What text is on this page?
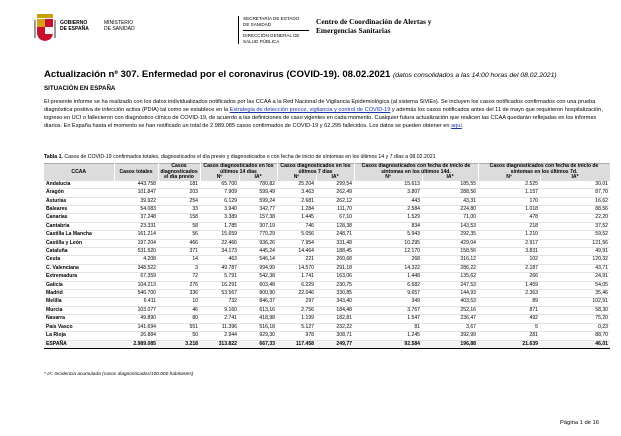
GOBIERNO
DE ESPAÑA
MINISTERIO
DE SANIDAD
SECRETARÍA DE ESTADO
DE SANIDAD
DIRECCIÓN GENERAL DE
SALUD PÚBLICA
Centro de Coordinación de Alertas y
Emergencias Sanitarias
Actualización nº 307. Enfermedad por el coronavirus (COVID-19). 08.02.2021 (datos consolidados a las 14:00 horas del 08.02.2021)
SITUACIÓN EN ESPAÑA
El presente informe se ha realizado con los datos individualizados notificados por las CCAA a la Red Nacional de Vigilancia Epidemiológica (al sistema SiViEs). Se incluyen los casos notificados confirmados con una prueba diagnóstica positiva de infección activa (PDIA) tal como se establece en la Estrategia de detección precoz, vigilancia y control de COVID-19 y además los casos notificados antes del 11 de mayo que requirieron hospitalización, ingreso en UCI o fallecieron con diagnóstico clínico de COVID-19, de acuerdo a las definiciones de caso vigentes en cada momento. Cualquier futura actualización que realicen las CCAA quedarán reflejadas en los informes diarios. En España hasta el momento se han notificado un total de 2.989.085 casos confirmados de COVID-19 y 62.295 fallecidos. Los datos se pueden obtener en aquí.
Tabla 1. Casos de COVID-19 confirmados totales, diagnosticados el día previo y diagnosticados o con fecha de inicio de síntomas en los últimos 14 y 7 días a 08.02.2021
CCAA	Casos totales	Casos diagnosticados el día previo	Casos diagnosticados en los últimos 14 días		Casos diagnosticados en los últimos 7 días		Casos diagnosticados con fecha de inicio de síntomas en los últimos 14d.		Casos diagnosticados con fecha de inicio de síntomas en los últimos 7d.	
			Nº	IA*	Nº	IA*	Nº	IA*	Nº	IA*
Andalucía	443.758	181	65.700	780,82	25.204	299,54	15.613	185,55	2.525	30,01
Aragón	101.847	203	7.909	599,49	3.463	262,49	3.807	288,56	1.157	87,70
Asturias	39.922	254	6.129	599,24	2.681	262,12	443	43,31	170	16,62
Baleares	54.083	33	3.940	342,77	1.284	111,70	2.584	224,80	1.018	88,56
Canarias	37.248	158	3.389	157,38	1.445	67,10	1.529	71,00	478	22,20
Cantabria	23.331	58	1.785	307,19	746	128,38	834	143,53	218	37,52
Castilla La Mancha	161.214	56	15.659	770,29	5.056	248,71	5.943	292,35	1.210	59,52
Castilla y León	197.204	466	22.466	936,26	7.954	331,48	10.295	429,04	2.917	121,56
Cataluña	531.520	371	34.173	445,24	14.464	188,45	12.170	158,56	3.831	49,91
Ceuta	4.208	14	463	546,14	221	260,68	268	316,12	102	120,32
C. Valenciana	348.522	3	49.787	994,99	14.570	291,18	14.322	286,22	2.187	43,71
Extremadura	67.359	72	5.791	542,38	1.741	163,06	1.448	135,62	266	24,91
Galicia	104.213	276	16.291	603,48	6.229	230,75	6.682	247,53	1.459	54,05
Madrid	546.700	336	53.567	800,90	22.046	330,85	9.657	144,93	2.363	35,46
Melilla	6.411	10	732	846,37	297	343,40	349	403,53	89	102,91
Murcia	103.077	46	9.160	613,16	2.756	184,48	3.767	252,16	871	58,30
Navarra	49.890	80	2.741	418,98	1.199	182,81	1.547	236,47	492	75,20
País Vasco	141.694	551	11.396	516,18	5.127	232,22	81	3,67	5	0,23
La Rioja	26.884	50	2.944	929,30	978	308,71	1.245	392,99	281	88,70
ESPAÑA	2.989.085	3.218	313.822	667,33	117.458	249,77	92.584	196,88	21.639	46,01
* IA: Incidencia acumulada (casos diagnosticados/100.000 habitantes)
Página 1 de 16
